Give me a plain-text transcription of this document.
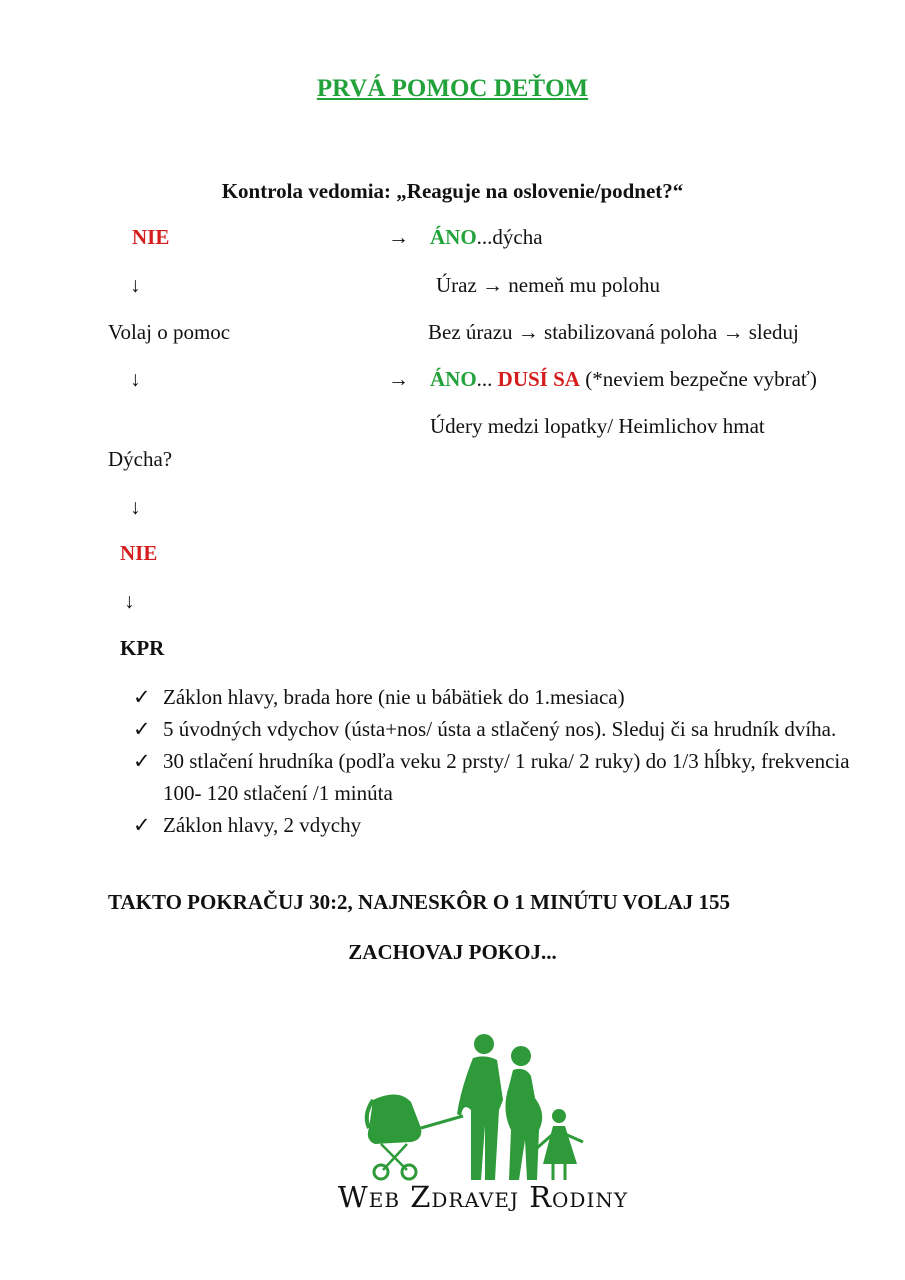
PRVÁ POMOC DEŤOM
Kontrola vedomia: „Reaguje na oslovenie/podnet?“
NIE	→ ÁNO...dýcha
↓	Úraz → nemeň mu polohu
Volaj o pomoc	Bez úrazu → stabilizovaná poloha → sleduj
↓	→ ÁNO... DUSÍ SA (*neviem bezpečne vybrať)
Údery medzi lopatky/ Heimlichov hmat
Dýcha?
↓
NIE
↓
KPR
✓ Záklon hlavy, brada hore (nie u bábätiek do 1.mesiaca)
✓ 5 úvodných vdychov (ústa+nos/ ústa a stlačený nos). Sleduj či sa hrudník dvíha.
✓ 30 stlačení hrudníka (podľa veku 2 prsty/ 1 ruka/ 2 ruky) do 1/3 hĺbky, frekvencia 100- 120 stlačení /1 minúta
✓ Záklon hlavy, 2 vdychy
TAKTO POKRAČUJ 30:2, NAJNESKÔR O 1 MINÚTU VOLAJ 155
ZACHOVAJ POKOJ...
Web Zdravej Rodiny
